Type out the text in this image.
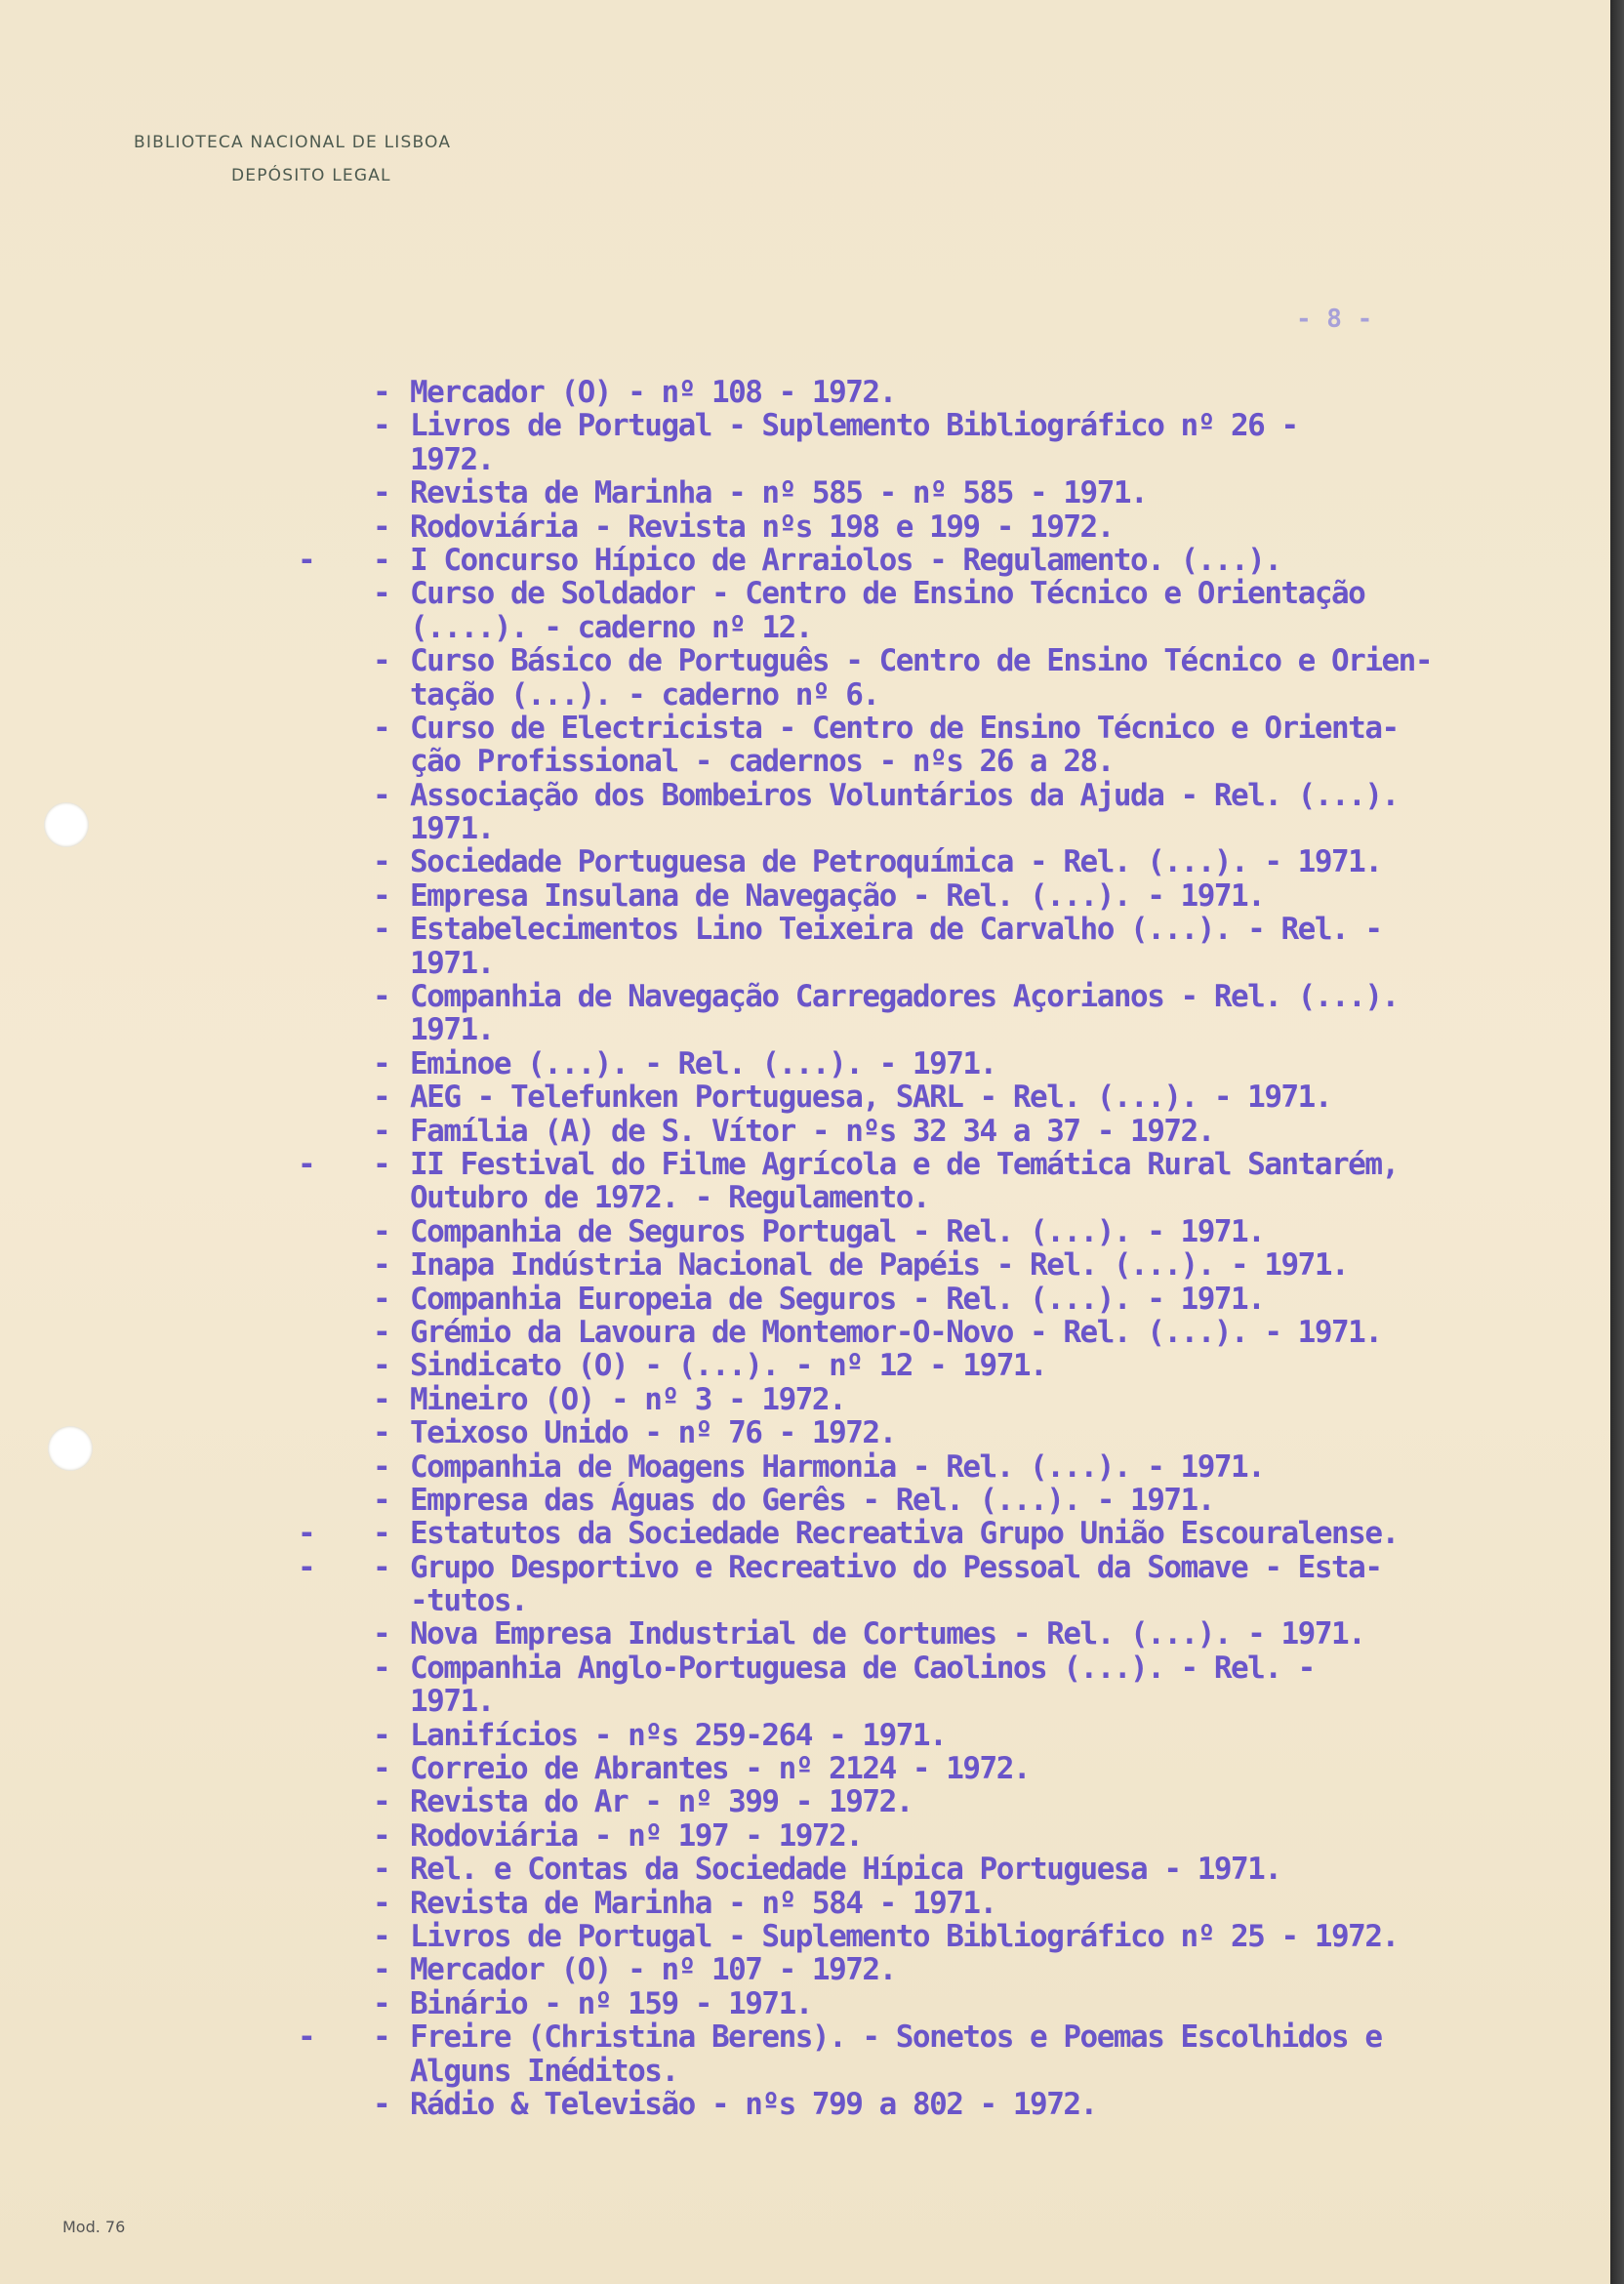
BIBLIOTECA NACIONAL DE LISBOA
DEPÓSITO LEGAL
- 8 -
- Mercador (O) - nº 108 - 1972.
- Livros de Portugal - Suplemento Bibliográfico nº 26 -
1972.
- Revista de Marinha - nº 585 - nº 585 - 1971.
- Rodoviária - Revista nºs 198 e 199 - 1972.
- - I Concurso Hípico de Arraiolos - Regulamento. (...).
- Curso de Soldador - Centro de Ensino Técnico e Orientação
(....). - caderno nº 12.
- Curso Básico de Português - Centro de Ensino Técnico e Orien-
tação (...). - caderno nº 6.
- Curso de Electricista - Centro de Ensino Técnico e Orienta-
ção Profissional - cadernos - nºs 26 a 28.
- Associação dos Bombeiros Voluntários da Ajuda - Rel. (...).
1971.
- Sociedade Portuguesa de Petroquímica - Rel. (...). - 1971.
- Empresa Insulana de Navegação - Rel. (...). - 1971.
- Estabelecimentos Lino Teixeira de Carvalho (...). - Rel. -
1971.
- Companhia de Navegação Carregadores Açorianos - Rel. (...).
1971.
- Eminoe (...). - Rel. (...). - 1971.
- AEG - Telefunken Portuguesa, SARL - Rel. (...). - 1971.
- Família (A) de S. Vítor - nºs 32 34 a 37 - 1972.
- - II Festival do Filme Agrícola e de Temática Rural Santarém,
Outubro de 1972. - Regulamento.
- Companhia de Seguros Portugal - Rel. (...). - 1971.
- Inapa Indústria Nacional de Papéis - Rel. (...). - 1971.
- Companhia Europeia de Seguros - Rel. (...). - 1971.
- Grémio da Lavoura de Montemor-O-Novo - Rel. (...). - 1971.
- Sindicato (O) - (...). - nº 12 - 1971.
- Mineiro (O) - nº 3 - 1972.
- Teixoso Unido - nº 76 - 1972.
- Companhia de Moagens Harmonia - Rel. (...). - 1971.
- Empresa das Águas do Gerês - Rel. (...). - 1971.
- - Estatutos da Sociedade Recreativa Grupo União Escouralense.
- - Grupo Desportivo e Recreativo do Pessoal da Somave - Esta-
-tutos.
- Nova Empresa Industrial de Cortumes - Rel. (...). - 1971.
- Companhia Anglo-Portuguesa de Caolinos (...). - Rel. -
1971.
- Lanifícios - nºs 259-264 - 1971.
- Correio de Abrantes - nº 2124 - 1972.
- Revista do Ar - nº 399 - 1972.
- Rodoviária - nº 197 - 1972.
- Rel. e Contas da Sociedade Hípica Portuguesa - 1971.
- Revista de Marinha - nº 584 - 1971.
- Livros de Portugal - Suplemento Bibliográfico nº 25 - 1972.
- Mercador (O) - nº 107 - 1972.
- Binário - nº 159 - 1971.
- - Freire (Christina Berens). - Sonetos e Poemas Escolhidos e
Alguns Inéditos.
- Rádio & Televisão - nºs 799 a 802 - 1972.
Mod. 76
